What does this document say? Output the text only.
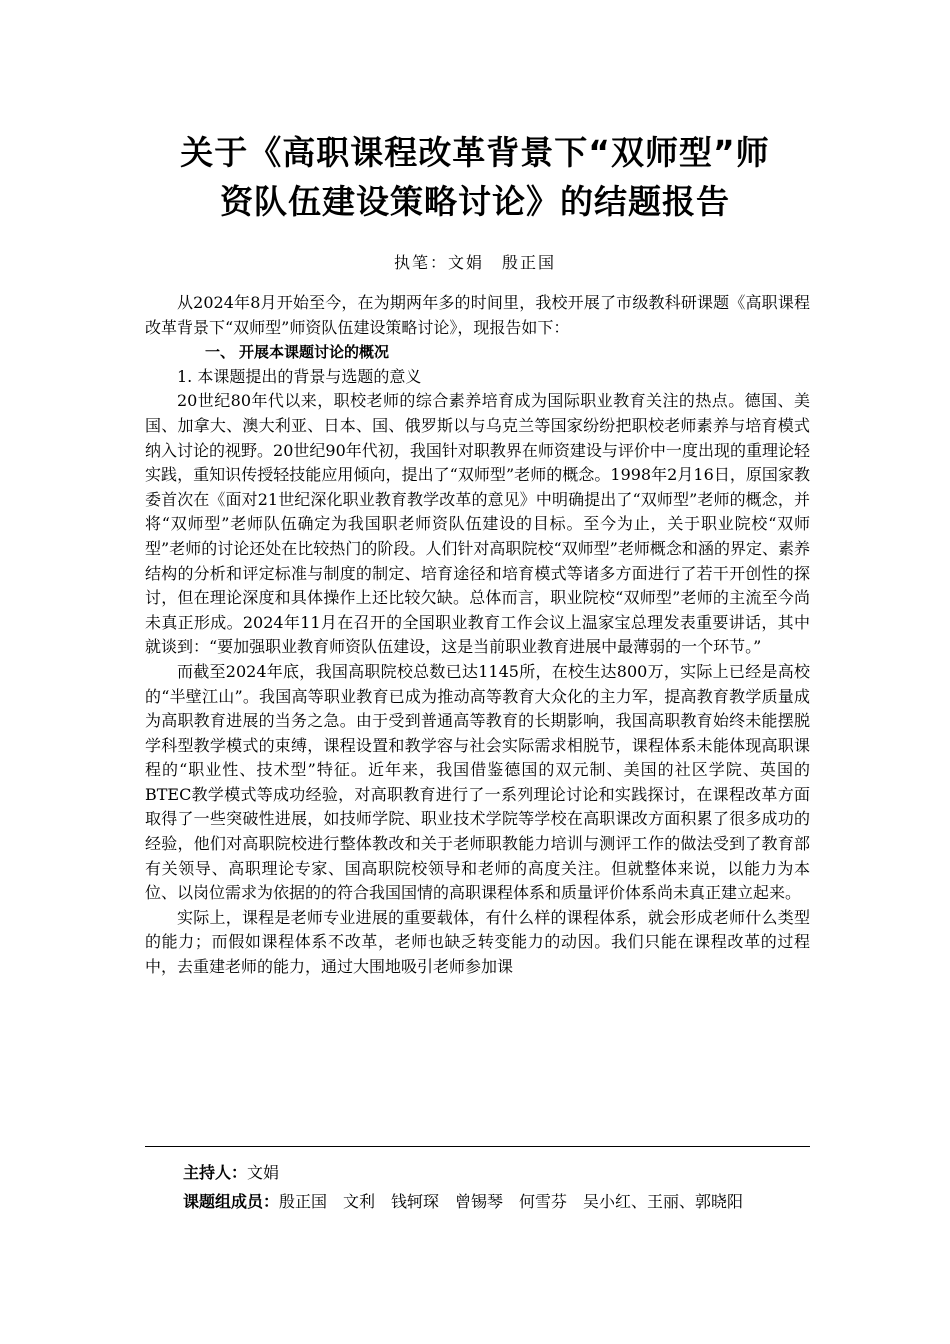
关于《高职课程改革背景下“双师型”师
资队伍建设策略讨论》的结题报告
执笔：文娟　殷正国

从2024年8月开始至今，在为期两年多的时间里，我校开展了市级教科研课题《高职课程改革背景下“双师型”师资队伍建设策略讨论》，现报告如下：

一、 开展本课题讨论的概况

1. 本课题提出的背景与选题的意义

20世纪80年代以来，职校老师的综合素养培育成为国际职业教育关注的热点。德国、美国、加拿大、澳大利亚、日本、国、俄罗斯以与乌克兰等国家纷纷把职校老师素养与培育模式纳入讨论的视野。20世纪90年代初，我国针对职教界在师资建设与评价中一度出现的重理论轻实践，重知识传授轻技能应用倾向，提出了“双师型”老师的概念。1998年2月16日，原国家教委首次在《面对21世纪深化职业教育教学改革的意见》中明确提出了“双师型”老师的概念，并将“双师型”老师队伍确定为我国职老师资队伍建设的目标。至今为止，关于职业院校“双师型”老师的讨论还处在比较热门的阶段。人们针对高职院校“双师型”老师概念和涵的界定、素养结构的分析和评定标准与制度的制定、培育途径和培育模式等诸多方面进行了若干开创性的探讨，但在理论深度和具体操作上还比较欠缺。总体而言，职业院校“双师型”老师的主流至今尚未真正形成。2024年11月在召开的全国职业教育工作会议上温家宝总理发表重要讲话，其中就谈到：“要加强职业教育师资队伍建设，这是当前职业教育进展中最薄弱的一个环节。”

而截至2024年底，我国高职院校总数已达1145所，在校生达800万，实际上已经是高校的“半壁江山”。我国高等职业教育已成为推动高等教育大众化的主力军，提高教育教学质量成为高职教育进展的当务之急。由于受到普通高等教育的长期影响，我国高职教育始终未能摆脱学科型教学模式的束缚，课程设置和教学容与社会实际需求相脱节，课程体系未能体现高职课程的“职业性、技术型”特征。近年来，我国借鉴德国的双元制、美国的社区学院、英国的BTEC教学模式等成功经验，对高职教育进行了一系列理论讨论和实践探讨，在课程改革方面取得了一些突破性进展，如技师学院、职业技术学院等学校在高职课改方面积累了很多成功的经验，他们对高职院校进行整体教改和关于老师职教能力培训与测评工作的做法受到了教育部有关领导、高职理论专家、国高职院校领导和老师的高度关注。但就整体来说，以能力为本位、以岗位需求为依据的的符合我国国情的高职课程体系和质量评价体系尚未真正建立起来。

实际上，课程是老师专业进展的重要载体，有什么样的课程体系，就会形成老师什么类型的能力；而假如课程体系不改革，老师也缺乏转变能力的动因。我们只能在课程改革的过程中，去重建老师的能力，通过大围地吸引老师参加课

主持人：文娟
课题组成员：殷正国　文利　钱轲琛　曾锡琴　何雪芬　吴小红、王丽、郭晓阳
